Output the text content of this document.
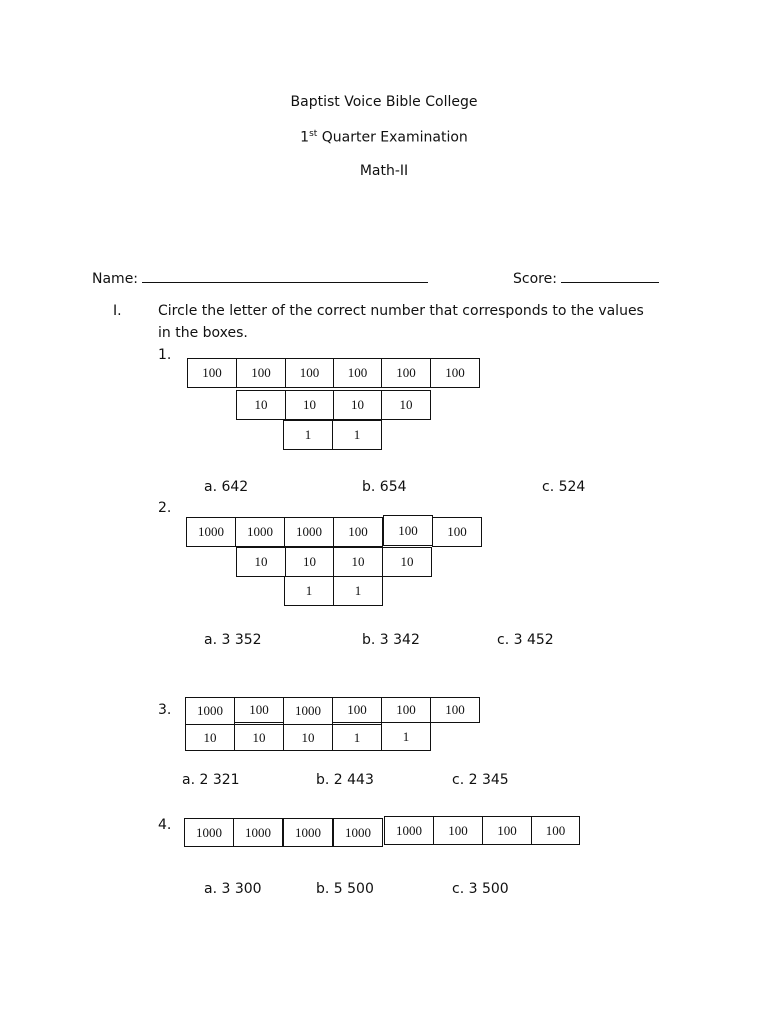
Baptist Voice Bible College
1st Quarter Examination
Math-II
Name:	Score:
I.	Circle the letter of the correct number that corresponds to the values
in the boxes.
1.
2.
3.
4.
100	100	100	100	100	100
10	10	10	10
1	1
a. 642	b. 654	c. 524
1000	1000	1000	100	100	100
10	10	10	10
1	1
a. 3 352	b. 3 342	c. 3 452
1000	100	1000	100	100	100
10	10	10	1	1
a. 2 321	b. 2 443	c. 2 345
1000	1000	1000	1000	1000	100	100	100
a. 3 300	b. 5 500	c. 3 500
